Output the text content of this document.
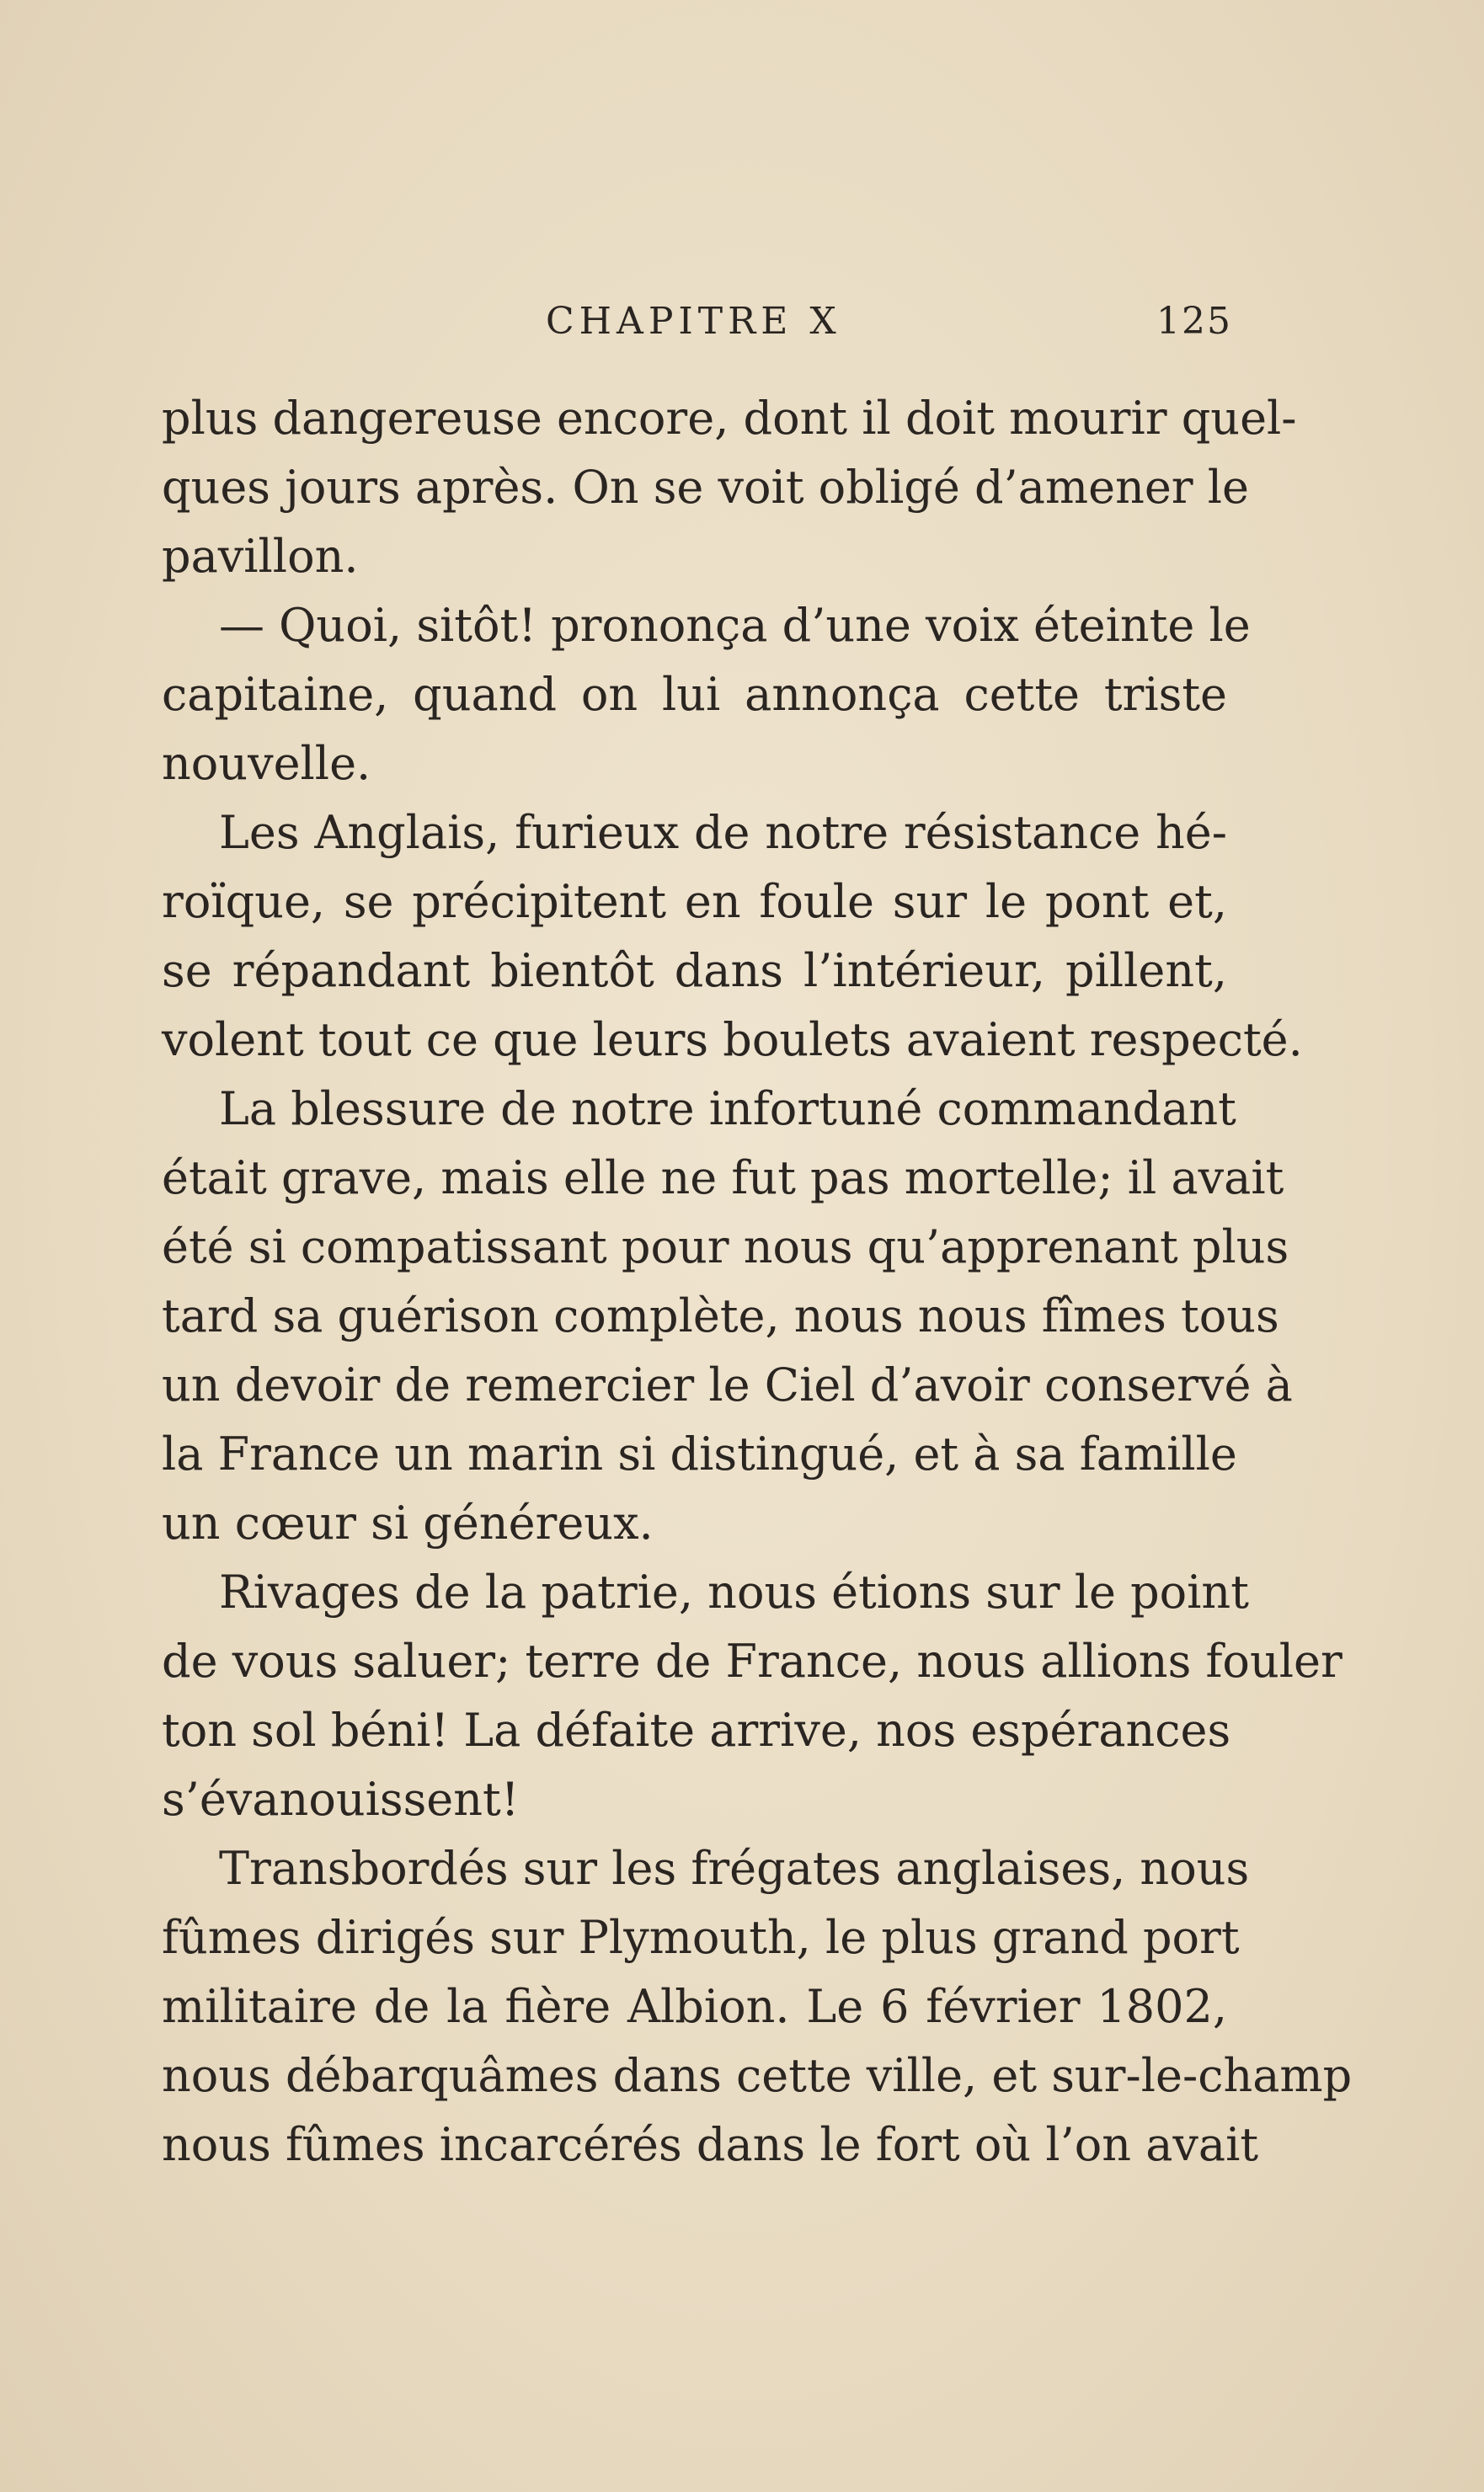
CHAPITRE X	125
plus dangereuse encore, dont il doit mourir quel-
ques jours après. On se voit obligé d’amener le
pavillon.
— Quoi, sitôt! prononça d’une voix éteinte le
capitaine, quand on lui annonça cette triste
nouvelle.
Les Anglais, furieux de notre résistance hé-
roïque, se précipitent en foule sur le pont et,
se répandant bientôt dans l’intérieur, pillent,
volent tout ce que leurs boulets avaient respecté.
La blessure de notre infortuné commandant
était grave, mais elle ne fut pas mortelle; il avait
été si compatissant pour nous qu’apprenant plus
tard sa guérison complète, nous nous fîmes tous
un devoir de remercier le Ciel d’avoir conservé à
la France un marin si distingué, et à sa famille
un cœur si généreux.
Rivages de la patrie, nous étions sur le point
de vous saluer; terre de France, nous allions fouler
ton sol béni! La défaite arrive, nos espérances
s’évanouissent!
Transbordés sur les frégates anglaises, nous
fûmes dirigés sur Plymouth, le plus grand port
militaire de la fière Albion. Le 6 février 1802,
nous débarquâmes dans cette ville, et sur-le-champ
nous fûmes incarcérés dans le fort où l’on avait
